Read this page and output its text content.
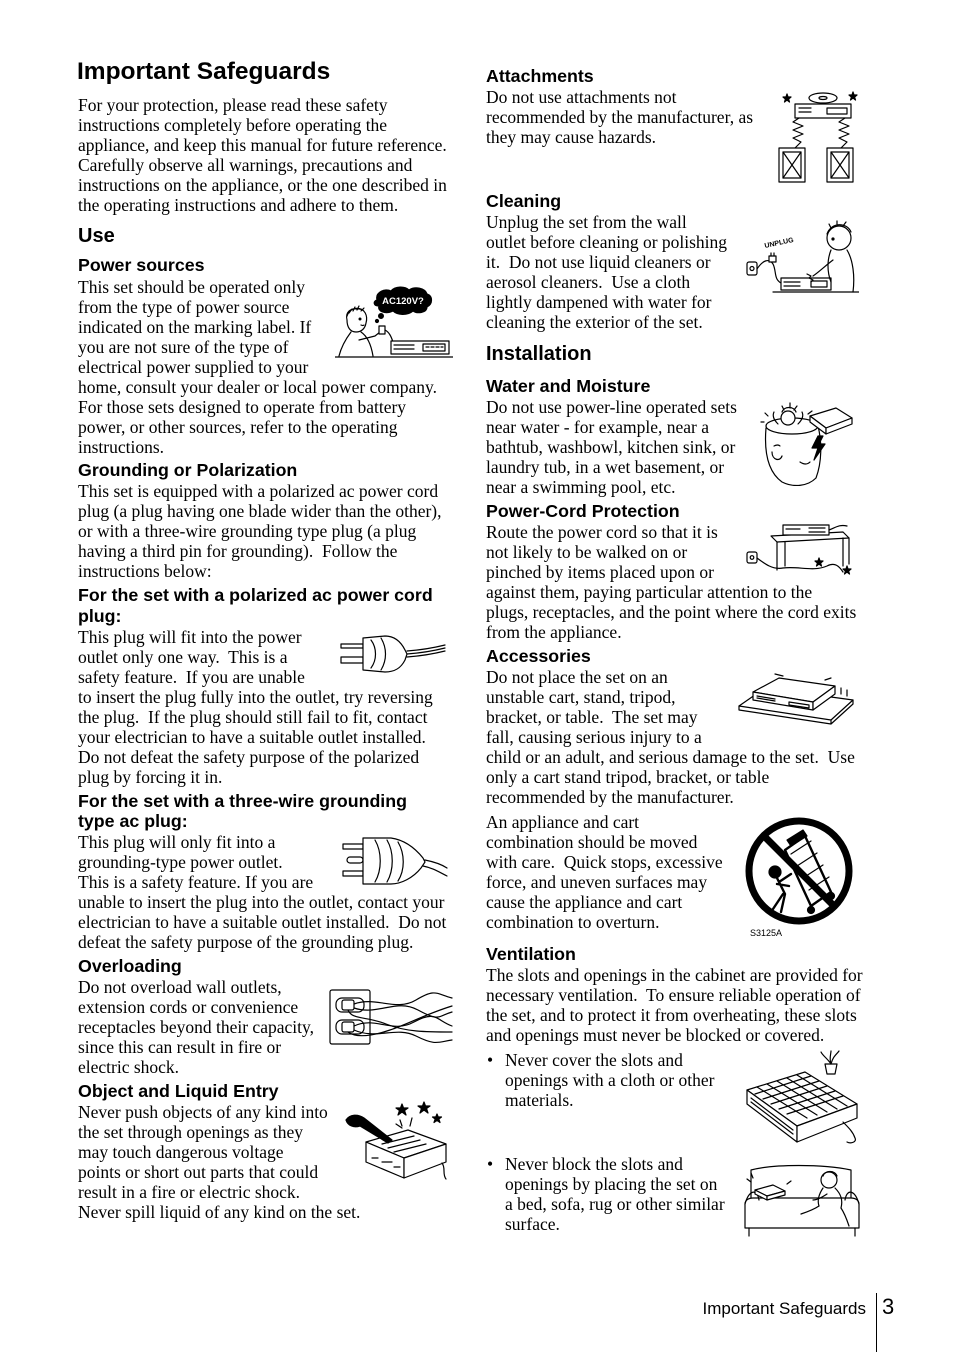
Important Safeguards
For your protection, please read these safety
instructions completely before operating the
appliance, and keep this manual for future reference.
Carefully observe all warnings, precautions and
instructions on the appliance, or the one described in
the operating instructions and adhere to them.
Use
Power sources
This set should be operated only
from the type of power source
indicated on the marking label. If
you are not sure of the type of
electrical power supplied to your
home, consult your dealer or local power company.
For those sets designed to operate from battery
power, or other sources, refer to the operating
instructions.
AC120V?
Grounding or Polarization
This set is equipped with a polarized ac power cord
plug (a plug having one blade wider than the other),
or with a three-wire grounding type plug (a plug
having a third pin for grounding).  Follow the
instructions below:
For the set with a polarized ac power cord plug:
This plug will fit into the power
outlet only one way.  This is a
safety feature.  If you are unable
to insert the plug fully into the outlet, try reversing
the plug.  If the plug should still fail to fit, contact
your electrician to have a suitable outlet installed.
Do not defeat the safety purpose of the polarized
plug by forcing it in.
For the set with a three-wire grounding type ac plug:
This plug will only fit into a
grounding-type power outlet.
This is a safety feature. If you are
unable to insert the plug into the outlet, contact your
electrician to have a suitable outlet installed.  Do not
defeat the safety purpose of the grounding plug.
Overloading
Do not overload wall outlets,
extension cords or convenience
receptacles beyond their capacity,
since this can result in fire or
electric shock.
Object and Liquid Entry
Never push objects of any kind into
the set through openings as they
may touch dangerous voltage
points or short out parts that could
result in a fire or electric shock.
Never spill liquid of any kind on the set.
Attachments
Do not use attachments not
recommended by the manufacturer, as
they may cause hazards.
Cleaning
Unplug the set from the wall
outlet before cleaning or polishing
it.  Do not use liquid cleaners or
aerosol cleaners.  Use a cloth
lightly dampened with water for
cleaning the exterior of the set.
UNPLUG
Installation
Water and Moisture
Do not use power-line operated sets
near water - for example, near a
bathtub, washbowl, kitchen sink, or
laundry tub, in a wet basement, or
near a swimming pool, etc.
Power-Cord Protection
Route the power cord so that it is
not likely to be walked on or
pinched by items placed upon or
against them, paying particular attention to the
plugs, receptacles, and the point where the cord exits
from the appliance.
Accessories
Do not place the set on an
unstable cart, stand, tripod,
bracket, or table.  The set may
fall, causing serious injury to a
child or an adult, and serious damage to the set.  Use
only a cart stand tripod, bracket, or table
recommended by the manufacturer.
An appliance and cart
combination should be moved
with care.  Quick stops, excessive
force, and uneven surfaces may
cause the appliance and cart
combination to overturn.
S3125A
Ventilation
The slots and openings in the cabinet are provided for
necessary ventilation.  To ensure reliable operation of
the set, and to protect it from overheating, these slots
and openings must never be blocked or covered.
• Never cover the slots and
openings with a cloth or other
materials.
• Never block the slots and
openings by placing the set on
a bed, sofa, rug or other similar
surface.
Important Safeguards 3
